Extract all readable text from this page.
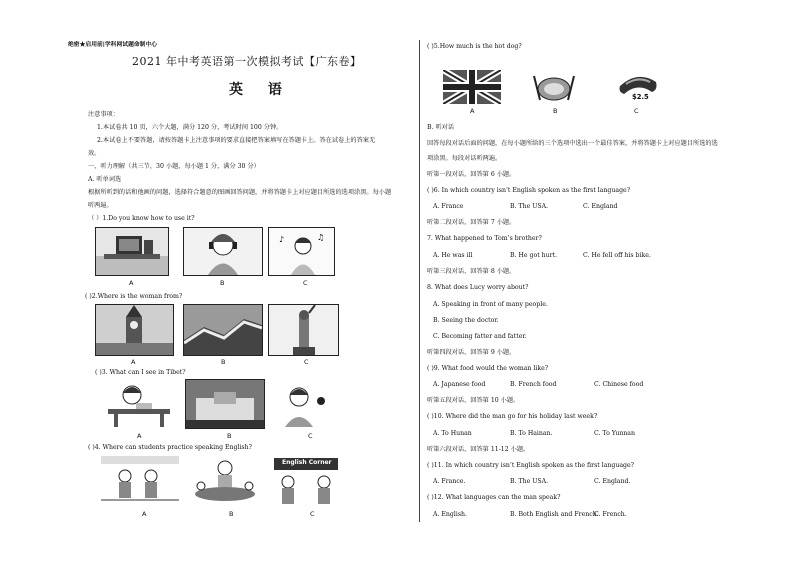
绝密★启用前|学科网试题命制中心
2021 年中考英语第一次模拟考试【广东卷】
英 语
注意事项：
1.本试卷共 10 页，六个大题，满分 120 分，考试时间 100 分钟。
2.本试卷上不要答题，请按答题卡上注意事项的要求直接把答案填写在答题卡上。答在试卷上的答案无
效。
一、听力理解（共三节，30 小题，每小题 1 分，满分 30 分）
A. 听单词选
根据所听到的话和他画的问题，选择符合题意的图画回答问题，并将答题卡上对应题目所选的选项涂黑。每小题
听两遍。
（ ）1.Do you know how to use it?
♪	♫
A	B	C
( )2.Where is the woman from?
A	B	C
( )3. What can I see in Tibet?
A	B	C
( )4. Where can students practice speaking English?
English Corner
A	B	C
( )5.How much is the hot dog?
$2.5
A	B	C
B. 听对话
回答每段对话后面的问题，在每小题所给的三个选项中选出一个最佳答案，并将答题卡上对应题目所选的选
项涂黑。每段对话听两遍。
听第一段对话，回答第 6 小题。
( )6. In which country isn’t English spoken as the first language?
A. France	B. The USA.	C. England
听第二段对话，回答第 7 小题。
7. What happened to Tom’s brother?
A. He was ill	B. He got hurt.	C. He fell off his bike.
听第三段对话，回答第 8 小题。
8. What does Lucy worry about?
A. Speaking in front of many people.
B. Seeing the doctor.
C. Becoming fatter and fatter.
听第四段对话，回答第 9 小题。
( )9. What food would the woman like?
A. Japanese food	B. French food	C. Chinese food
听第五段对话，回答第 10 小题。
( )10. Where did the man go for his holiday last week?
A. To Hunan	B. To Hainan.	C. To Yunnan
听第六段对话，回答第 11-12 小题。
( )11. In which country isn’t English spoken as the first language?
A. France.	B. The USA.	C. England.
( )12. What languages can the man speak?
A. English.	B. Both English and French.
C. French.
